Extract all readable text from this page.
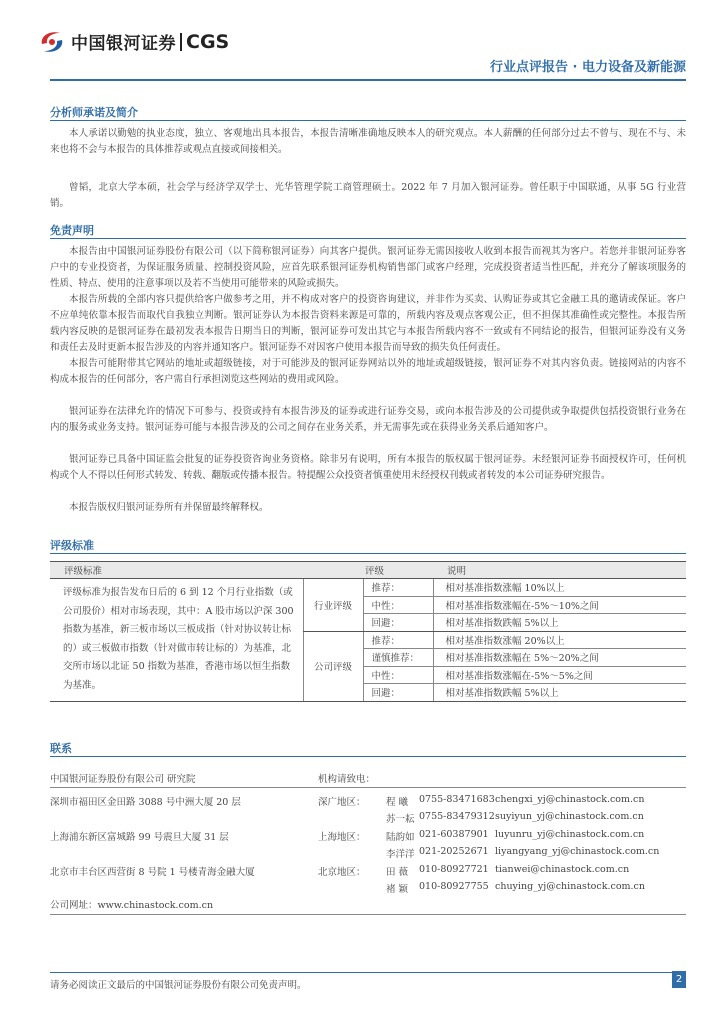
中国银河证券 CGS
行业点评报告 · 电力设备及新能源
分析师承诺及简介
本人承诺以勤勉的执业态度，独立、客观地出具本报告，本报告清晰准确地反映本人的研究观点。本人薪酬的任何部分过去不曾与、现在不与、未来也将不会与本报告的具体推荐或观点直接或间接相关。
曾韬，北京大学本硕，社会学与经济学双学士、光华管理学院工商管理硕士。2022 年 7 月加入银河证券。曾任职于中国联通，从事 5G 行业营销。
免责声明
本报告由中国银河证券股份有限公司（以下简称银河证券）向其客户提供。银河证券无需因接收人收到本报告而视其为客户。若您并非银河证券客户中的专业投资者，为保证服务质量、控制投资风险，应首先联系银河证券机构销售部门或客户经理，完成投资者适当性匹配，并充分了解该项服务的性质、特点、使用的注意事项以及若不当使用可能带来的风险或损失。
本报告所载的全部内容只提供给客户做参考之用，并不构成对客户的投资咨询建议，并非作为买卖、认购证券或其它金融工具的邀请或保证。客户不应单纯依靠本报告而取代自我独立判断。银河证券认为本报告资料来源是可靠的，所载内容及观点客观公正，但不担保其准确性或完整性。本报告所载内容反映的是银河证券在最初发表本报告日期当日的判断，银河证券可发出其它与本报告所载内容不一致或有不同结论的报告，但银河证券没有义务和责任去及时更新本报告涉及的内容并通知客户。银河证券不对因客户使用本报告而导致的损失负任何责任。
本报告可能附带其它网站的地址或超级链接，对于可能涉及的银河证券网站以外的地址或超级链接，银河证券不对其内容负责。链接网站的内容不构成本报告的任何部分，客户需自行承担浏览这些网站的费用或风险。
银河证券在法律允许的情况下可参与、投资或持有本报告涉及的证券或进行证券交易，或向本报告涉及的公司提供或争取提供包括投资银行业务在内的服务或业务支持。银河证券可能与本报告涉及的公司之间存在业务关系，并无需事先或在获得业务关系后通知客户。
银河证券已具备中国证监会批复的证券投资咨询业务资格。除非另有说明，所有本报告的版权属于银河证券。未经银河证券书面授权许可，任何机构或个人不得以任何形式转发、转载、翻版或传播本报告。特提醒公众投资者慎重使用未经授权刊载或者转发的本公司证券研究报告。
本报告版权归银河证券所有并保留最终解释权。
评级标准
评级标准	评级		说明
评级标准为报告发布日后的 6 到 12 个月行业指数（或公司股价）相对市场表现，其中：A 股市场以沪深 300 指数为基准，新三板市场以三板成指（针对协议转让标的）或三板做市指数（针对做市转让标的）为基准，北交所市场以北证 50 指数为基准，香港市场以恒生指数为基准。	行业评级	推荐：	相对基准指数涨幅 10%以上
		中性：	相对基准指数涨幅在-5%～10%之间
		回避：	相对基准指数跌幅 5%以上
	公司评级	推荐：	相对基准指数涨幅 20%以上
		谨慎推荐：	相对基准指数涨幅在 5%～20%之间
		中性：	相对基准指数涨幅在-5%～5%之间
		回避：	相对基准指数跌幅 5%以上
联系
中国银河证券股份有限公司 研究院	机构请致电：
深圳市福田区金田路 3088 号中洲大厦 20 层	深广地区： 程 曦 0755-83471683 chengxi_yj@chinastock.com.cn
苏一耘 0755-83479312 suyiyun_yj@chinastock.com.cn
上海浦东新区富城路 99 号震旦大厦 31 层	上海地区： 陆韵如 021-60387901 luyunru_yj@chinastock.com.cn
李洋洋 021-20252671 liyangyang_yj@chinastock.com.cn
北京市丰台区西营街 8 号院 1 号楼青海金融大厦	北京地区： 田 薇 010-80927721 tianwei@chinastock.com.cn
褚 颖 010-80927755 chuying_yj@chinastock.com.cn
公司网址：www.chinastock.com.cn
请务必阅读正文最后的中国银河证券股份有限公司免责声明。
2
